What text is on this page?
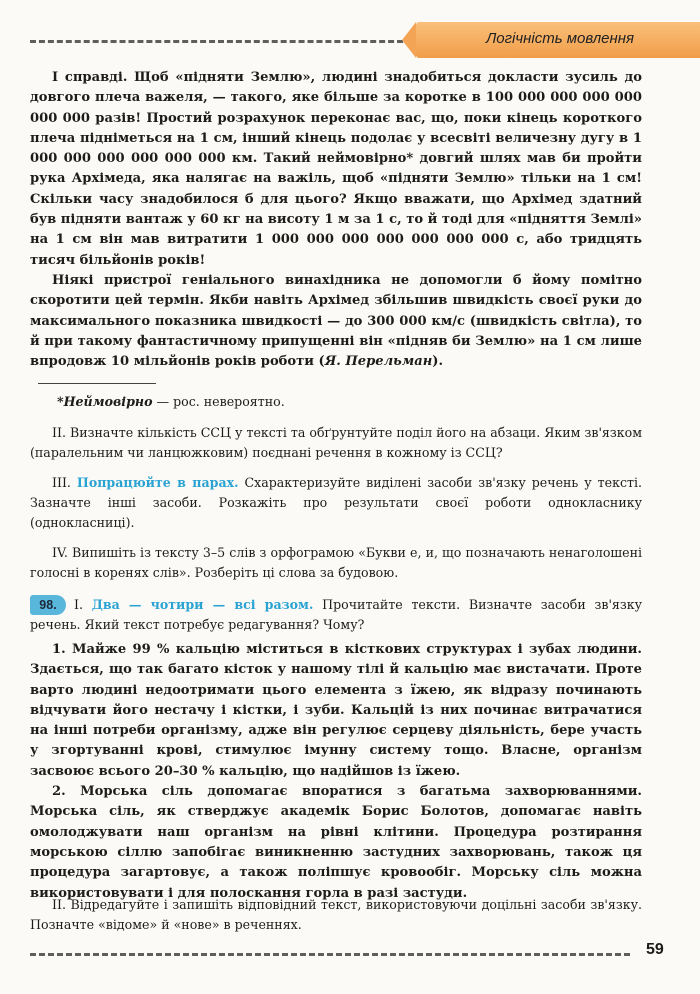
Логічність мовлення

І справді. Щоб «підняти Землю», людині знадобиться докласти зусиль до довгого плеча важеля, — такого, яке більше за коротке в 100 000 000 000 000 000 000 разів! Простий розрахунок переконає вас, що, поки кінець короткого плеча підніметься на 1 см, інший кінець подолає у всесвіті величезну дугу в 1 000 000 000 000 000 000 км. Такий неймовірно* довгий шлях мав би пройти рука Архімеда, яка налягає на важіль, щоб «підняти Землю» тільки на 1 см! Скільки часу знадобилося б для цього? Якщо вважати, що Архімед здатний був підняти вантаж у 60 кг на висоту 1 м за 1 с, то й тоді для «підняття Землі» на 1 см він мав витратити 1 000 000 000 000 000 000 000 с, або тридцять тисяч більйонів років!

Ніякі пристрої геніального винахідника не допомогли б йому помітно скоротити цей термін. Якби навіть Архімед збільшив швидкість своєї руки до максимального показника швидкості — до 300 000 км/с (швидкість світла), то й при такому фантастичному припущенні він «підняв би Землю» на 1 см лише впродовж 10 мільйонів років роботи (Я. Перельман).

*Неймовірно — рос. невероятно.

ІІ. Визначте кількість ССЦ у тексті та обґрунтуйте поділ його на абзаци. Яким зв'язком (паралельним чи ланцюжковим) поєднані речення в кожному із ССЦ?

ІІІ. Попрацюйте в парах. Схарактеризуйте виділені засоби зв'язку речень у тексті. Зазначте інші засоби. Розкажіть про результати своєї роботи однокласнику (однокласниці).

IV. Випишіть із тексту 3–5 слів з орфограмою «Букви е, и, що позначають ненаголошені голосні в коренях слів». Розберіть ці слова за будовою.

98.	І. Два — чотири — всі разом. Прочитайте тексти. Визначте засоби зв'язку речень. Який текст потребує редагування? Чому?

1. Майже 99 % кальцію міститься в кісткових структурах і зубах людини. Здається, що так багато кісток у нашому тілі й кальцію має вистачати. Проте варто людині недоотримати цього елемента з їжею, як відразу починають відчувати його нестачу і кістки, і зуби. Кальцій із них починає витрачатися на інші потреби організму, адже він регулює серцеву діяльність, бере участь у згортуванні крові, стимулює імунну систему тощо. Власне, організм засвоює всього 20–30 % кальцію, що надійшов із їжею.

2. Морська сіль допомагає впоратися з багатьма захворюваннями. Морська сіль, як стверджує академік Борис Болотов, допомагає навіть омолоджувати наш організм на рівні клітини. Процедура розтирання морською сіллю запобігає виникненню застудних захворювань, також ця процедура загартовує, а також поліпшує кровообіг. Морську сіль можна використовувати і для полоскання горла в разі застуди.

ІІ. Відредагуйте і запишіть відповідний текст, використовуючи доцільні засоби зв'язку. Позначте «відоме» й «нове» в реченнях.

59
